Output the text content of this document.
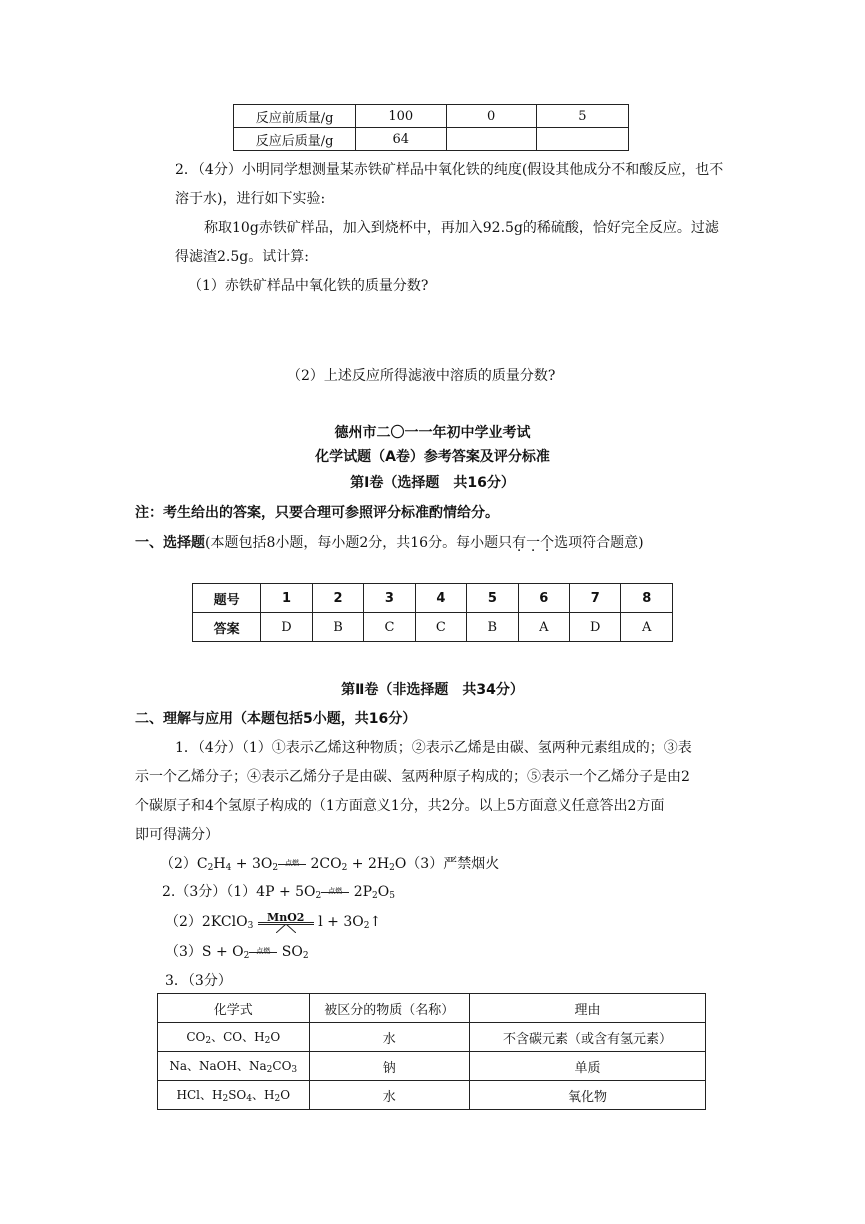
反应前质量/g	100	0	5
反应后质量/g	64		
2．（4分）小明同学想测量某赤铁矿样品中氧化铁的纯度(假设其他成分不和酸反应，也不
溶于水)，进行如下实验:
称取10g赤铁矿样品，加入到烧杯中，再加入92.5g的稀硫酸，恰好完全反应。过滤
得滤渣2.5g。试计算:
（1）赤铁矿样品中氧化铁的质量分数?
（2）上述反应所得滤液中溶质的质量分数?
德州市二〇一一年初中学业考试
化学试题（A卷）参考答案及评分标准
第Ⅰ卷（选择题　共16分）
注：考生给出的答案，只要合理可参照评分标准酌情给分。
一、选择题(本题包括8小题，每小题2分，共16分。每小题只有一个选项符合题意)
题号	1	2	3	4	5	6	7	8
答案	D	B	C	C	B	A	D	A
第Ⅱ卷（非选择题　共34分）
二、理解与应用（本题包括5小题，共16分）
1．（4分）（1）①表示乙烯这种物质；②表示乙烯是由碳、氢两种元素组成的；③表
示一个乙烯分子；④表示乙烯分子是由碳、氢两种原子构成的；⑤表示一个乙烯分子是由2
个碳原子和4个氢原子构成的（1方面意义1分，共2分。以上5方面意义任意答出2方面
即可得满分）
$(2)C_2H_4 + 3O_2$	点燃 $2CO_2 + 2H_2O(3)$严禁烟火
2.（3分）$(1)4P + 5O_2$	点燃 $2P_2O_5$
（2）2KClO$_3$
MnO2 $l + 3O_2↑$
$(3)S + O_2$	点燃 $SO_2$
3．（3分）
化学式	被区分的物质（名称）	理由
$CO_2$、CO、$H_2O$	水	不含碳元素（或含有氢元素）
Na、NaOH、$Na_2CO_3$	钠	单质
HCl、$H_2SO_4$、$H_2O$	水	氧化物
